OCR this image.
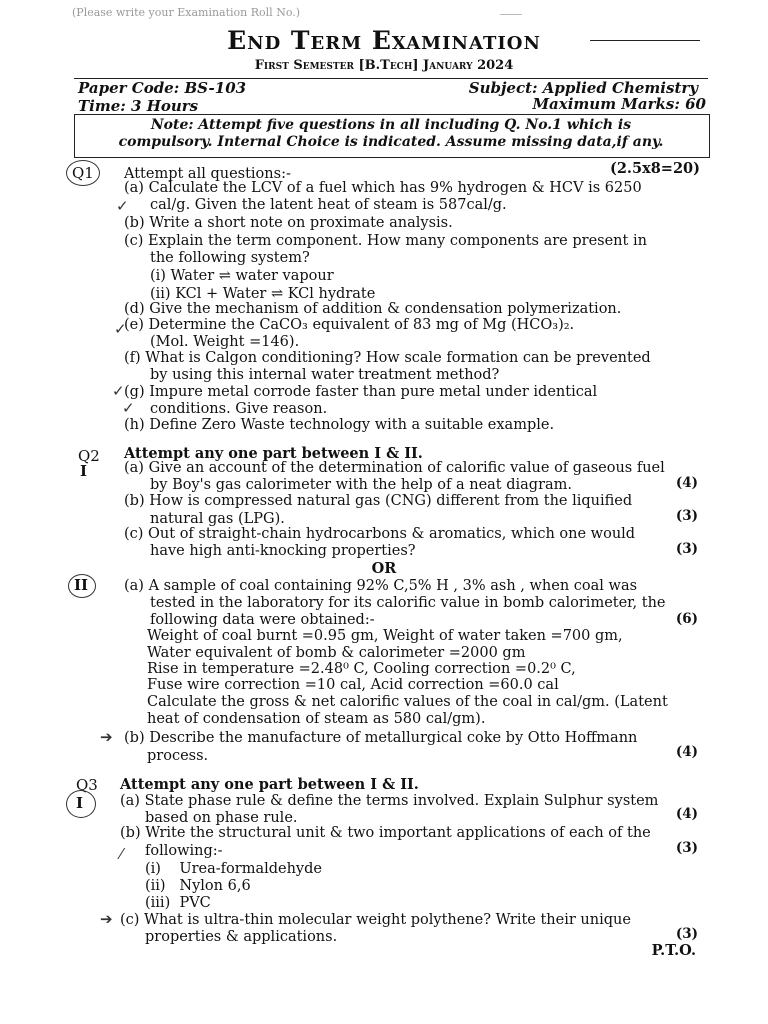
(Please write your Examination Roll No.)
End Term Examination
First Semester [B.Tech] January 2024
Paper Code: BS-103	Subject: Applied Chemistry
Time: 3 Hours	Maximum Marks: 60
Note: Attempt five questions in all including Q. No.1 which is
compulsory. Internal Choice is indicated. Assume missing data,if any.
Q1 Attempt all questions:-	(2.5x8=20)
(a) Calculate the LCV of a fuel which has 9% hydrogen & HCV is 6250
cal/g. Given the latent heat of steam is 587cal/g.
✓
(b) Write a short note on proximate analysis.
(c) Explain the term component. How many components are present in
the following system?
(i) Water ⇌ water vapour
(ii) KCl + Water ⇌ KCl hydrate
(d) Give the mechanism of addition & condensation polymerization.
(e) Determine the CaCO₃ equivalent of 83 mg of Mg (HCO₃)₂.
(Mol. Weight =146).
✓
(f) What is Calgon conditioning? How scale formation can be prevented
by using this internal water treatment method?
✓ (g) Impure metal corrode faster than pure metal under identical
conditions. Give reason.
✓
(h) Define Zero Waste technology with a suitable example.
Q2
I
Attempt any one part between I & II.
(a) Give an account of the determination of calorific value of gaseous fuel
by Boy's gas calorimeter with the help of a neat diagram.	(4)
(b) How is compressed natural gas (CNG) different from the liquified
natural gas (LPG).	(3)
(c) Out of straight-chain hydrocarbons & aromatics, which one would
have high anti-knocking properties?	(3)
OR
II (a) A sample of coal containing 92% C,5% H , 3% ash , when coal was
tested in the laboratory for its calorific value in bomb calorimeter, the
following data were obtained:-	(6)
Weight of coal burnt =0.95 gm, Weight of water taken =700 gm,
Water equivalent of bomb & calorimeter =2000 gm
Rise in temperature =2.48⁰ C, Cooling correction =0.2⁰ C,
Fuse wire correction =10 cal, Acid correction =60.0 cal
Calculate the gross & net calorific values of the coal in cal/gm. (Latent
heat of condensation of steam as 580 cal/gm).
➔ (b) Describe the manufacture of metallurgical coke by Otto Hoffmann
process.	(4)
Q3
I
Attempt any one part between I & II.
(a) State phase rule & define the terms involved. Explain Sulphur system
based on phase rule.	(4)
(b) Write the structural unit & two important applications of each of the
⁄ following:-	(3)
(i)    Urea-formaldehyde
(ii)   Nylon 6,6
(iii)  PVC
➔ (c) What is ultra-thin molecular weight polythene? Write their unique
properties & applications.	(3)
P.T.O.
